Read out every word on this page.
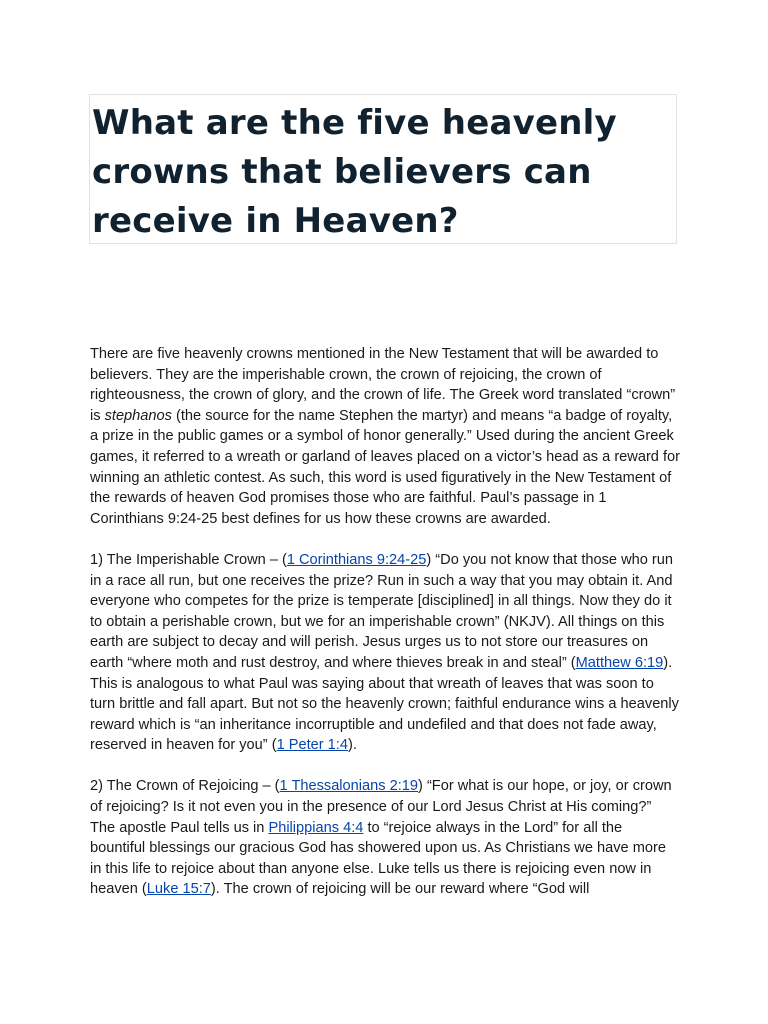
What are the five heavenly crowns that believers can receive in Heaven?

There are five heavenly crowns mentioned in the New Testament that will be awarded to believers. They are the imperishable crown, the crown of rejoicing, the crown of righteousness, the crown of glory, and the crown of life. The Greek word translated “crown” is stephanos (the source for the name Stephen the martyr) and means “a badge of royalty, a prize in the public games or a symbol of honor generally.” Used during the ancient Greek games, it referred to a wreath or garland of leaves placed on a victor’s head as a reward for winning an athletic contest. As such, this word is used figuratively in the New Testament of the rewards of heaven God promises those who are faithful. Paul’s passage in 1 Corinthians 9:24-25 best defines for us how these crowns are awarded.

1) The Imperishable Crown – (1 Corinthians 9:24-25) “Do you not know that those who run in a race all run, but one receives the prize? Run in such a way that you may obtain it. And everyone who competes for the prize is temperate [disciplined] in all things. Now they do it to obtain a perishable crown, but we for an imperishable crown” (NKJV). All things on this earth are subject to decay and will perish. Jesus urges us to not store our treasures on earth “where moth and rust destroy, and where thieves break in and steal” (Matthew 6:19). This is analogous to what Paul was saying about that wreath of leaves that was soon to turn brittle and fall apart. But not so the heavenly crown; faithful endurance wins a heavenly reward which is “an inheritance incorruptible and undefiled and that does not fade away, reserved in heaven for you” (1 Peter 1:4).

2) The Crown of Rejoicing – (1 Thessalonians 2:19) “For what is our hope, or joy, or crown of rejoicing? Is it not even you in the presence of our Lord Jesus Christ at His coming?” The apostle Paul tells us in Philippians 4:4 to “rejoice always in the Lord” for all the bountiful blessings our gracious God has showered upon us. As Christians we have more in this life to rejoice about than anyone else. Luke tells us there is rejoicing even now in heaven (Luke 15:7). The crown of rejoicing will be our reward where “God will
